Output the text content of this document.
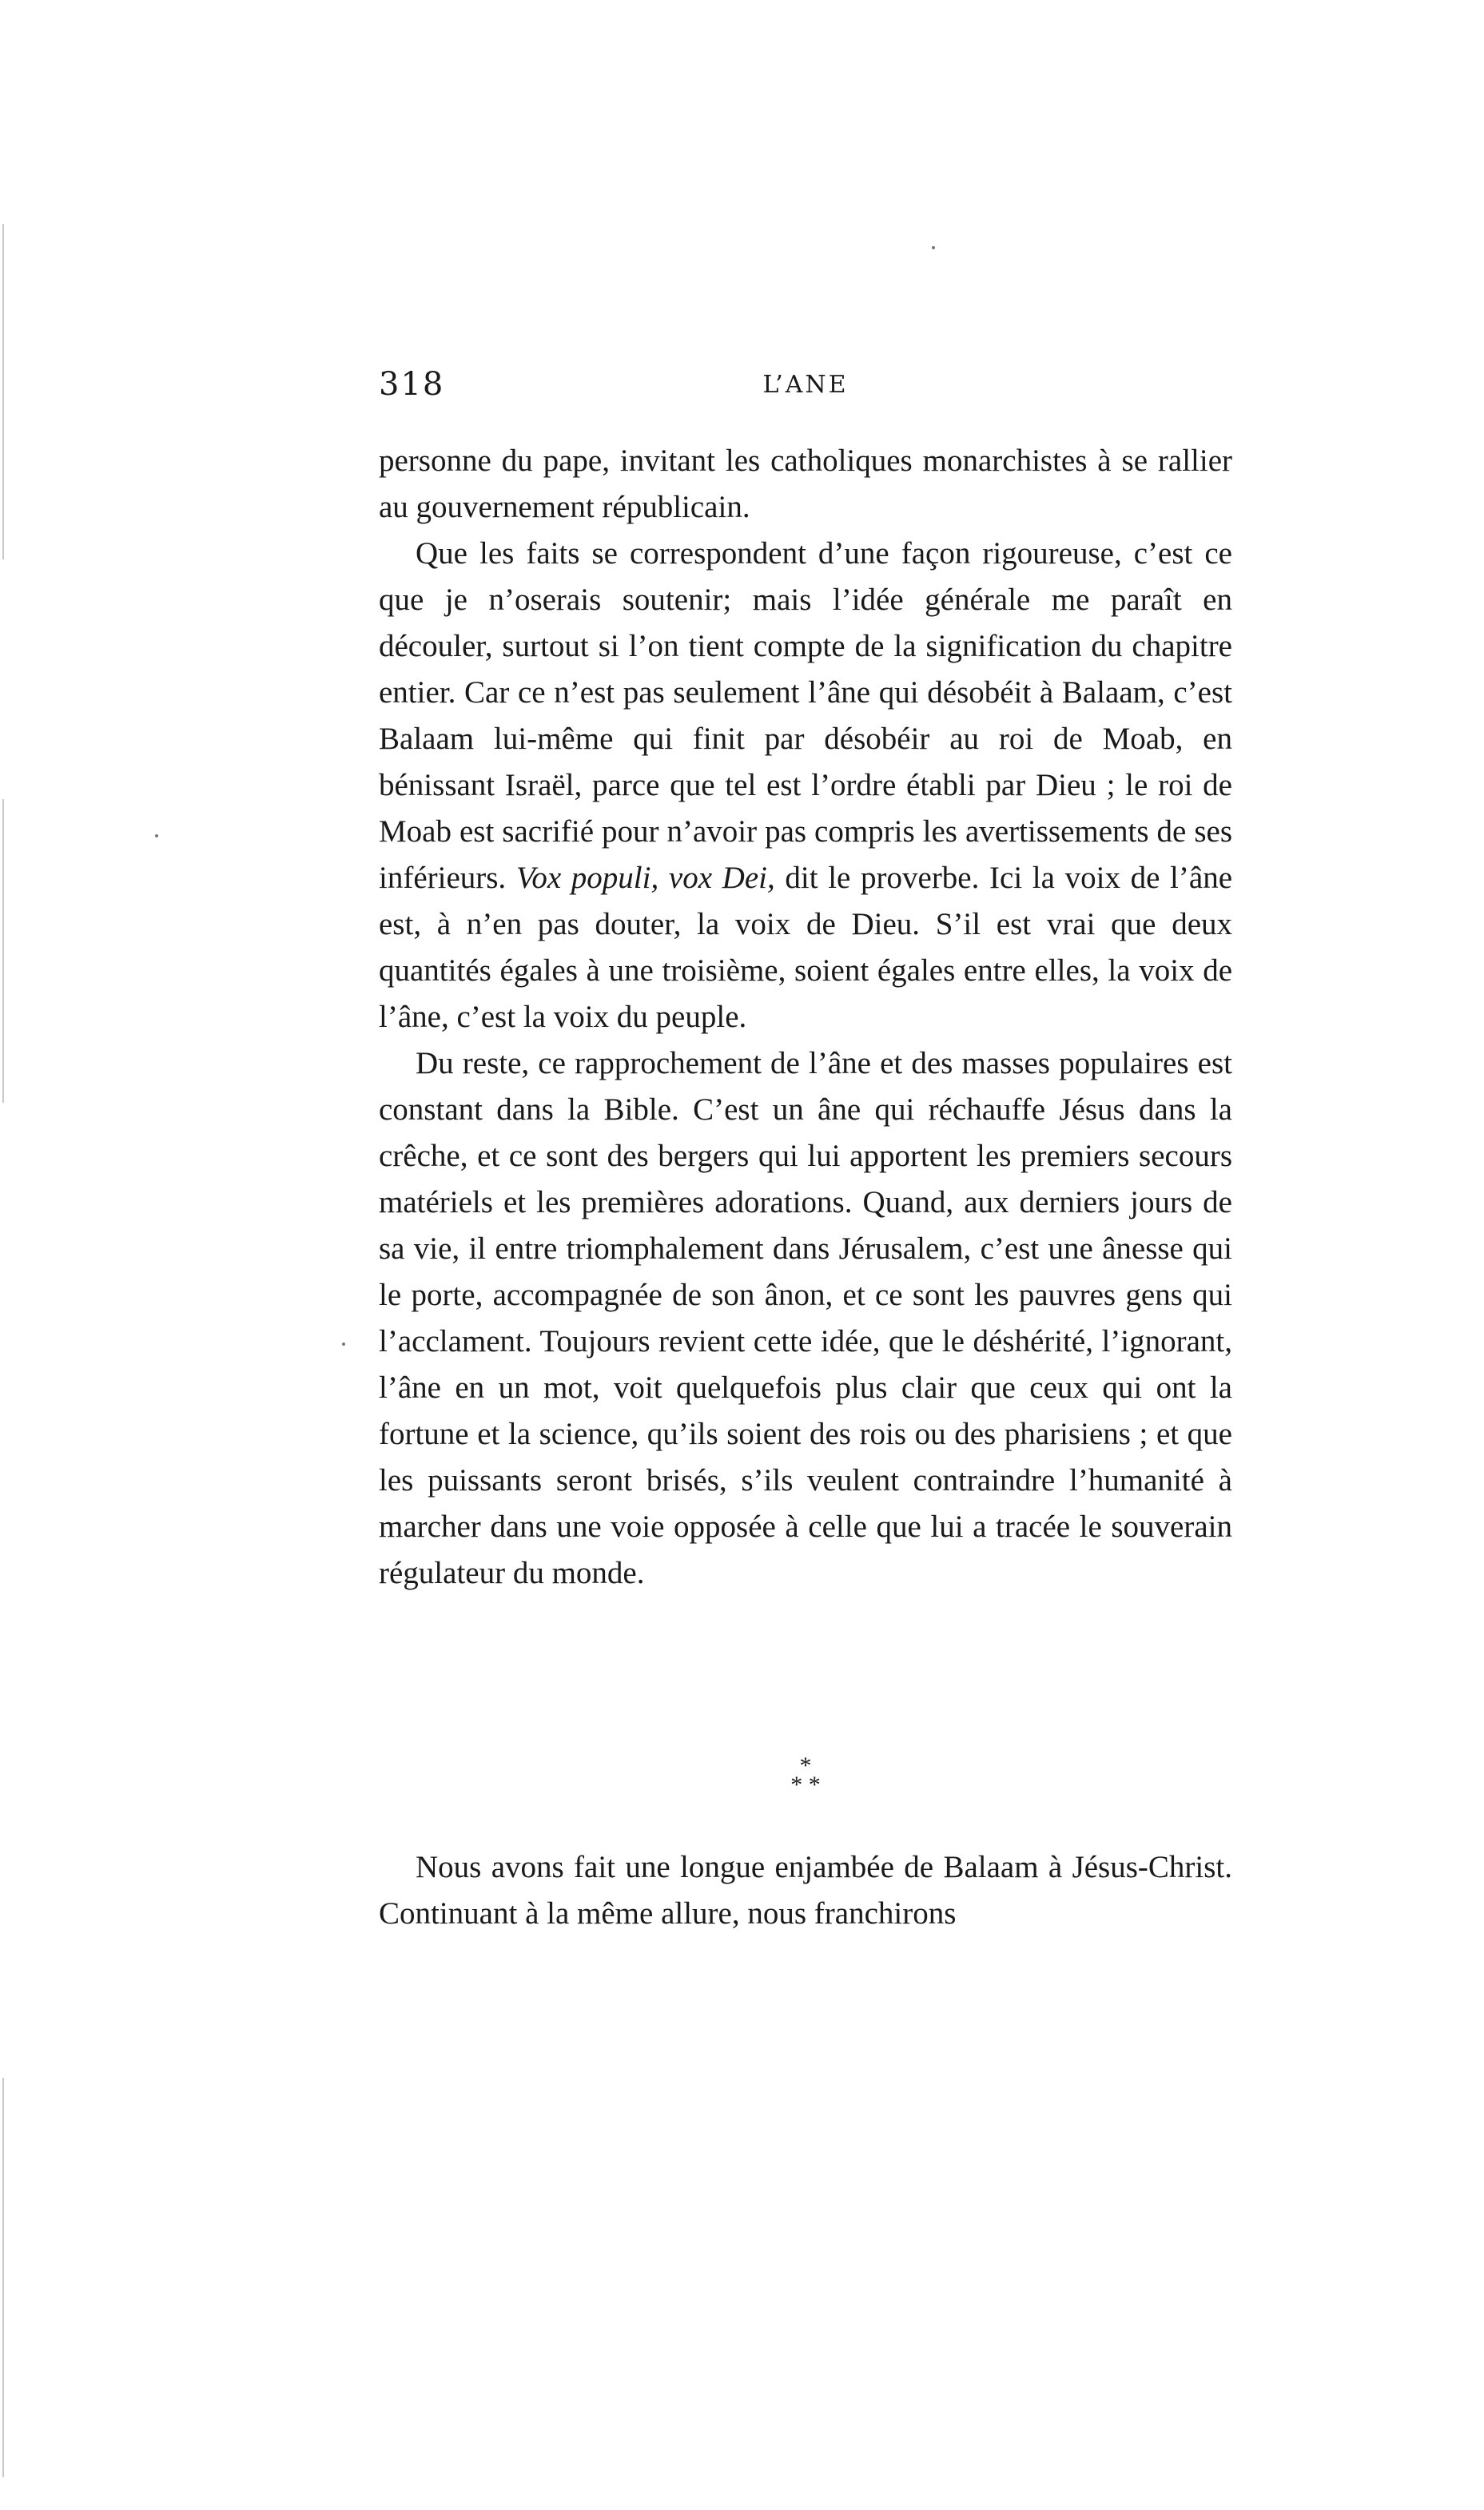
318	L’ANE

personne du pape, invitant les catholiques monarchistes à se rallier au gouvernement républicain.

Que les faits se correspondent d’une façon rigoureuse, c’est ce que je n’oserais soutenir; mais l’idée générale me paraît en découler, surtout si l’on tient compte de la signification du chapitre entier. Car ce n’est pas seulement l’âne qui désobéit à Balaam, c’est Balaam lui-même qui finit par désobéir au roi de Moab, en bénissant Israël, parce que tel est l’ordre établi par Dieu ; le roi de Moab est sacrifié pour n’avoir pas compris les avertissements de ses inférieurs. Vox populi, vox Dei, dit le proverbe. Ici la voix de l’âne est, à n’en pas douter, la voix de Dieu. S’il est vrai que deux quantités égales à une troisième, soient égales entre elles, la voix de l’âne, c’est la voix du peuple.

Du reste, ce rapprochement de l’âne et des masses populaires est constant dans la Bible. C’est un âne qui réchauffe Jésus dans la crêche, et ce sont des bergers qui lui apportent les premiers secours matériels et les premières adorations. Quand, aux derniers jours de sa vie, il entre triomphalement dans Jérusalem, c’est une ânesse qui le porte, accompagnée de son ânon, et ce sont les pauvres gens qui l’acclament. Toujours revient cette idée, que le déshérité, l’ignorant, l’âne en un mot, voit quelquefois plus clair que ceux qui ont la fortune et la science, qu’ils soient des rois ou des pharisiens ; et que les puissants seront brisés, s’ils veulent contraindre l’humanité à marcher dans une voie opposée à celle que lui a tracée le souverain régulateur du monde.

*
* *

Nous avons fait une longue enjambée de Balaam à Jésus-Christ. Continuant à la même allure, nous franchirons
